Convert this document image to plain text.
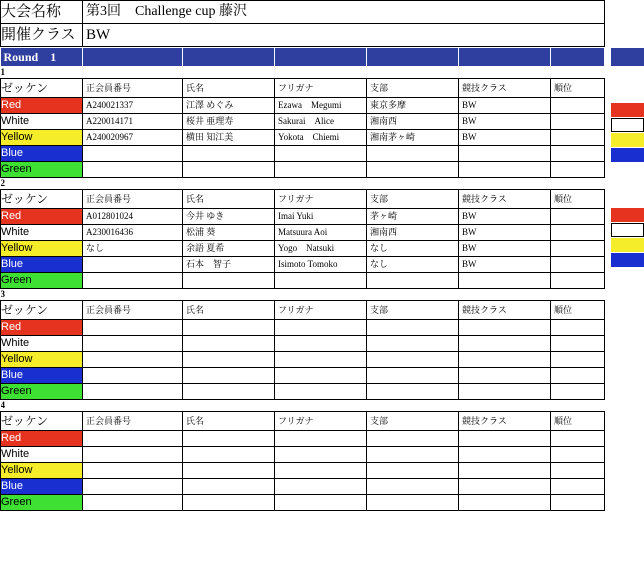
大会名称	第3回　Challenge cup 藤沢
開催クラス	BW
Round　1						
1						
ゼッケン	正会員番号	氏名	フリガナ	支部	競技クラス	順位
Red	A240021337	江澤 めぐみ	Ezawa　Megumi	東京多摩	BW	
White	A220014171	桜井 亜理寿	Sakurai　Alice	湘南西	BW	
Yellow	A240020967	横田 知江美	Yokota　Chiemi	湘南茅ヶ崎	BW	
Blue						
Green						
2						
ゼッケン	正会員番号	氏名	フリガナ	支部	競技クラス	順位
Red	A012801024	今井 ゆき	Imai Yuki	茅ヶ崎	BW	
White	A230016436	松浦 葵	Matsuura Aoi	湘南西	BW	
Yellow	なし	余語 夏希	Yogo　Natsuki	なし	BW	
Blue		石本　智子	Isimoto Tomoko	なし	BW	
Green						
3						
ゼッケン	正会員番号	氏名	フリガナ	支部	競技クラス	順位
Red						
White						
Yellow						
Blue						
Green						
4						
ゼッケン	正会員番号	氏名	フリガナ	支部	競技クラス	順位
Red						
White						
Yellow						
Blue						
Green						
